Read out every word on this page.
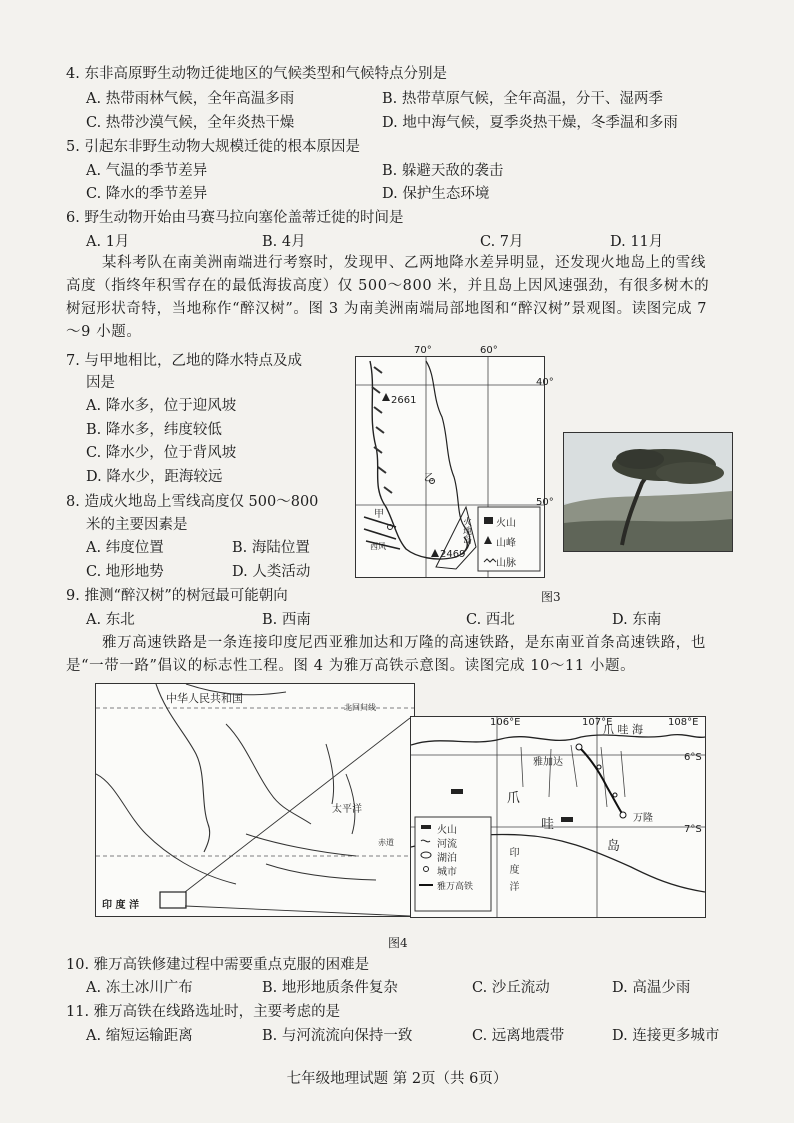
4. 东非高原野生动物迁徙地区的气候类型和气候特点分别是
A. 热带雨林气候，全年高温多雨	B. 热带草原气候，全年高温，分干、湿两季
C. 热带沙漠气候，全年炎热干燥	D. 地中海气候，夏季炎热干燥，冬季温和多雨
5. 引起东非野生动物大规模迁徙的根本原因是
A. 气温的季节差异	B. 躲避天敌的袭击
C. 降水的季节差异	D. 保护生态环境
6. 野生动物开始由马赛马拉向塞伦盖蒂迁徙的时间是
A. 1月	B. 4月	C. 7月	D. 11月
某科考队在南美洲南端进行考察时，发现甲、乙两地降水差异明显，还发现火地岛上的雪线高度（指终年积雪存在的最低海拔高度）仅 500～800 米，并且岛上因风速强劲，有很多树木的树冠形状奇特，当地称作“醉汉树”。图 3 为南美洲南端局部地图和“醉汉树”景观图。读图完成 7～9 小题。
7. 与甲地相比，乙地的降水特点及成
因是
A. 降水多，位于迎风坡
B. 降水多，纬度较低
C. 降水少，位于背风坡
D. 降水少，距海较远
8. 造成火地岛上雪线高度仅 500～800
米的主要因素是
A. 纬度位置	B. 海陆位置
C. 地形地势	D. 人类活动
2661
2469
甲
乙
火地岛
西风
火山
山峰
山脉
70°	60°
40°
50°
图3
9. 推测“醉汉树”的树冠最可能朝向
A. 东北	B. 西南	C. 西北	D. 东南
雅万高速铁路是一条连接印度尼西亚雅加达和万隆的高速铁路，是东南亚首条高速铁路，也是“一带一路”倡议的标志性工程。图 4 为雅万高铁示意图。读图完成 10～11 小题。
中华人民共和国
北回归线
太平洋
赤道
印 度 洋
火山
河流
湖泊
城市
雅万高铁
爪 哇 海
爪
哇
岛
雅加达
万隆
印 度 洋
106°E	107°E	108°E
6°S
7°S
图4
10. 雅万高铁修建过程中需要重点克服的困难是
A. 冻土冰川广布	B. 地形地质条件复杂	C. 沙丘流动	D. 高温少雨
11. 雅万高铁在线路选址时，主要考虑的是
A. 缩短运输距离	B. 与河流流向保持一致	C. 远离地震带	D. 连接更多城市
七年级地理试题 第 2页（共 6页）
